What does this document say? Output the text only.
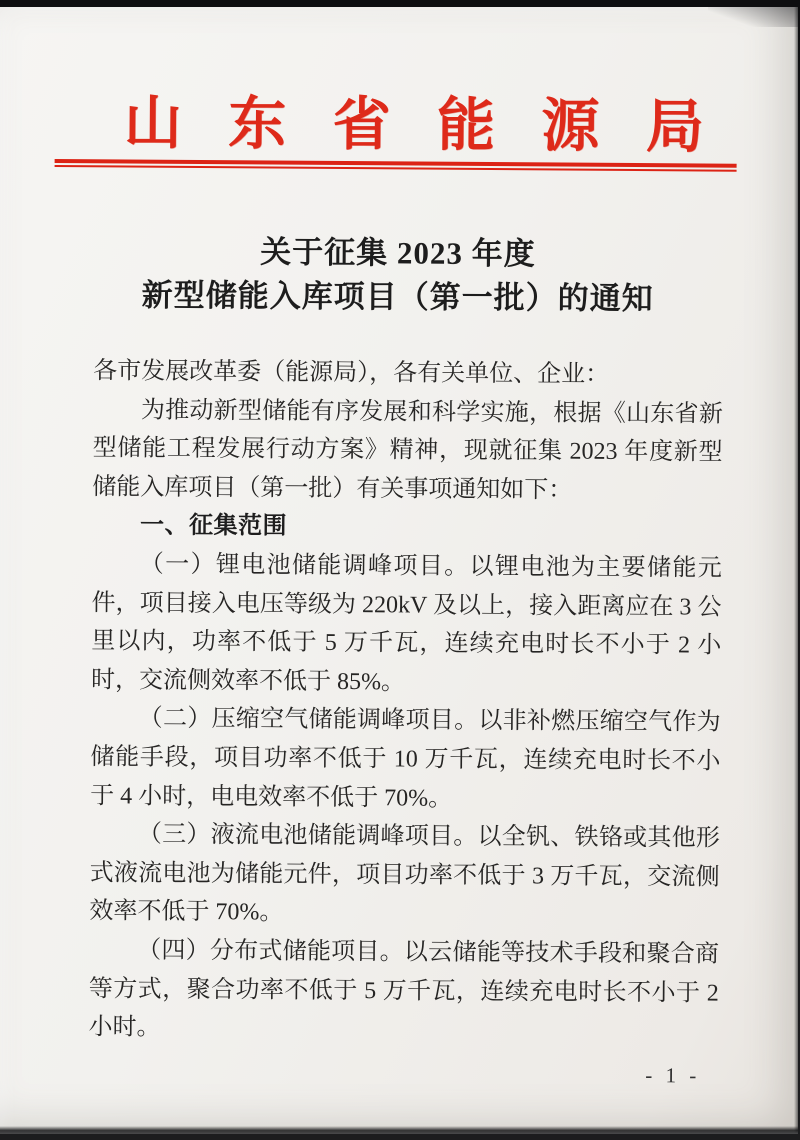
山 东 省 能 源 局
关于征集 2023 年度
新型储能入库项目（第一批）的通知

各市发展改革委（能源局），各有关单位、企业：

为推动新型储能有序发展和科学实施，根据《山东省新型储能工程发展行动方案》精神，现就征集 2023 年度新型储能入库项目（第一批）有关事项通知如下：

一、征集范围

（一）锂电池储能调峰项目。以锂电池为主要储能元件，项目接入电压等级为 220kV 及以上，接入距离应在 3 公里以内，功率不低于 5 万千瓦，连续充电时长不小于 2 小时，交流侧效率不低于 85%。

（二）压缩空气储能调峰项目。以非补燃压缩空气作为储能手段，项目功率不低于 10 万千瓦，连续充电时长不小于 4 小时，电电效率不低于 70%。

（三）液流电池储能调峰项目。以全钒、铁铬或其他形式液流电池为储能元件，项目功率不低于 3 万千瓦，交流侧效率不低于 70%。

（四）分布式储能项目。以云储能等技术手段和聚合商等方式，聚合功率不低于 5 万千瓦，连续充电时长不小于 2 小时。

- 1 -
